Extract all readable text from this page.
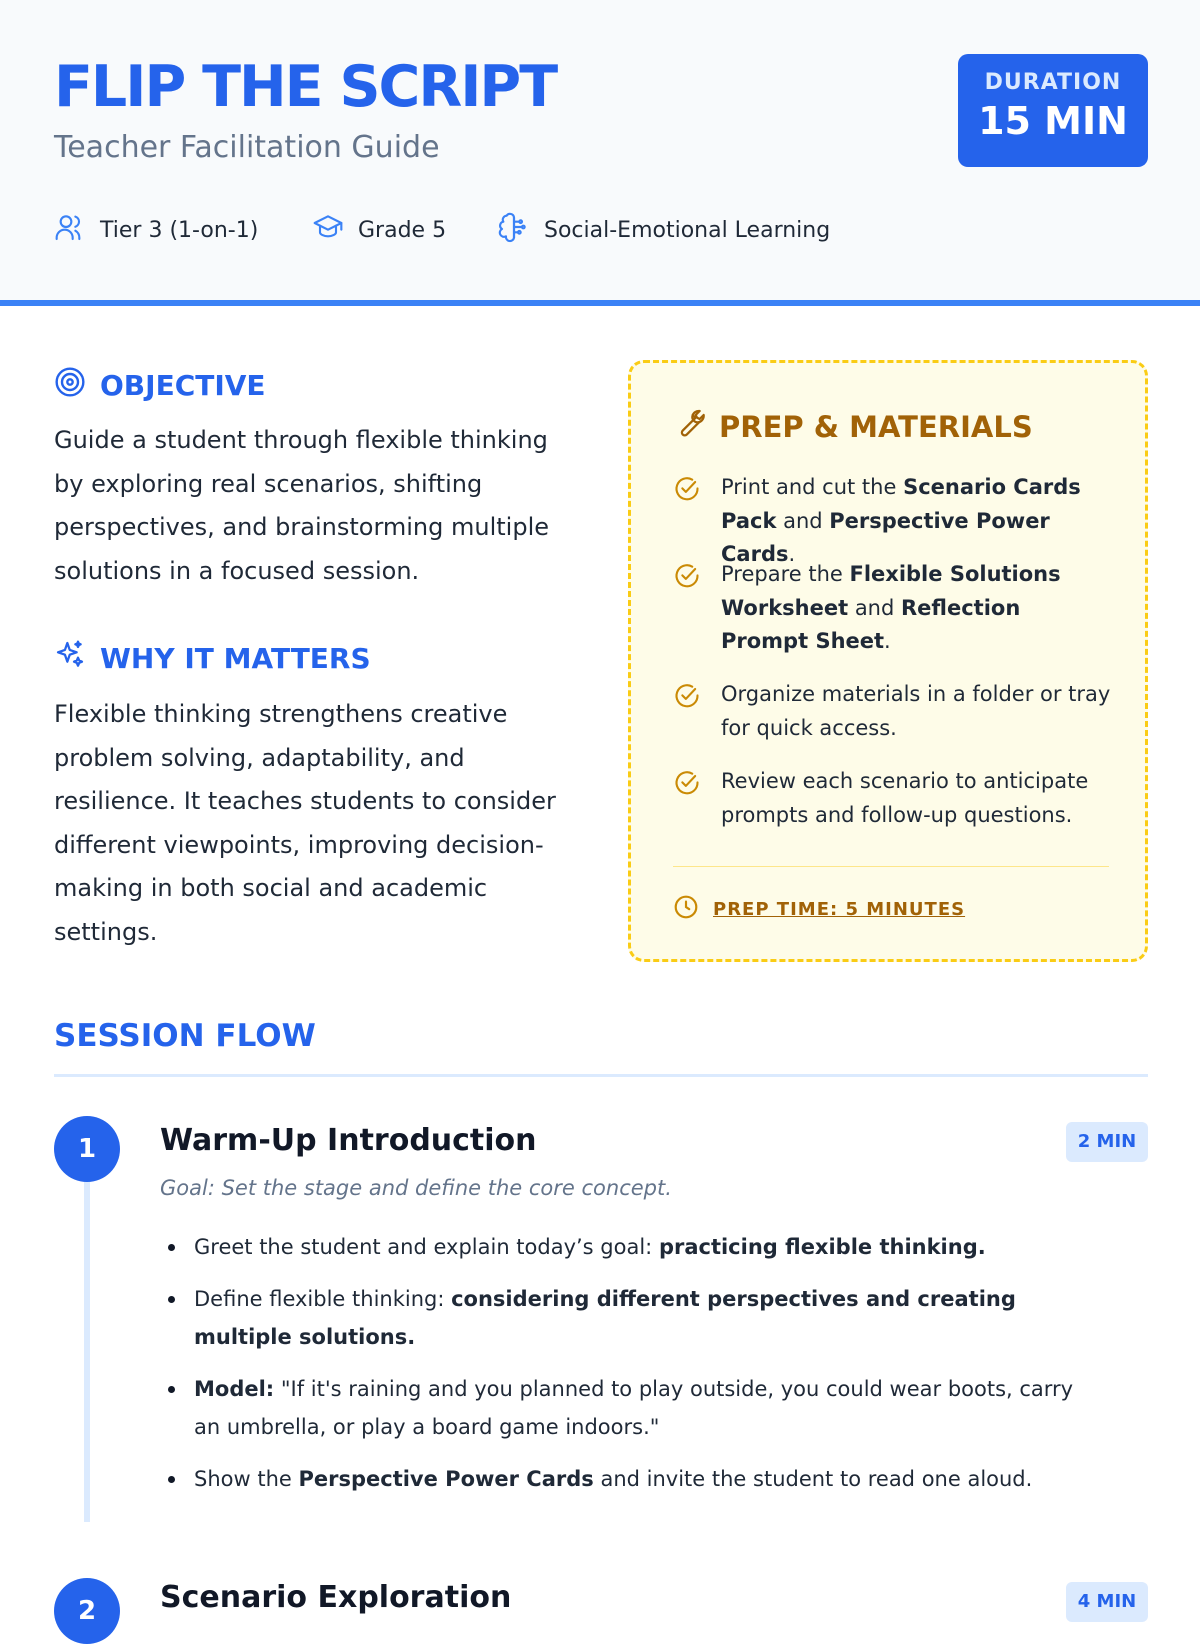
FLIP THE SCRIPT
Teacher Facilitation Guide
DURATION
15 MIN
Tier 3 (1-on-1)	Grade 5	Social-Emotional Learning
OBJECTIVE
Guide a student through flexible thinking by exploring real scenarios, shifting perspectives, and brainstorming multiple solutions in a focused session.
WHY IT MATTERS
Flexible thinking strengthens creative problem solving, adaptability, and resilience. It teaches students to consider different viewpoints, improving decision-making in both social and academic settings.
PREP & MATERIALS
Print and cut the Scenario Cards Pack and Perspective Power Cards.
Prepare the Flexible Solutions Worksheet and Reflection Prompt Sheet.
Organize materials in a folder or tray for quick access.
Review each scenario to anticipate prompts and follow-up questions.
PREP TIME: 5 MINUTES
SESSION FLOW
1	Warm-Up Introduction	2 MIN
Goal: Set the stage and define the core concept.
Greet the student and explain today’s goal: practicing flexible thinking.
Define flexible thinking: considering different perspectives and creating multiple solutions.
Model: "If it's raining and you planned to play outside, you could wear boots, carry an umbrella, or play a board game indoors."
Show the Perspective Power Cards and invite the student to read one aloud.
2	Scenario Exploration	4 MIN
